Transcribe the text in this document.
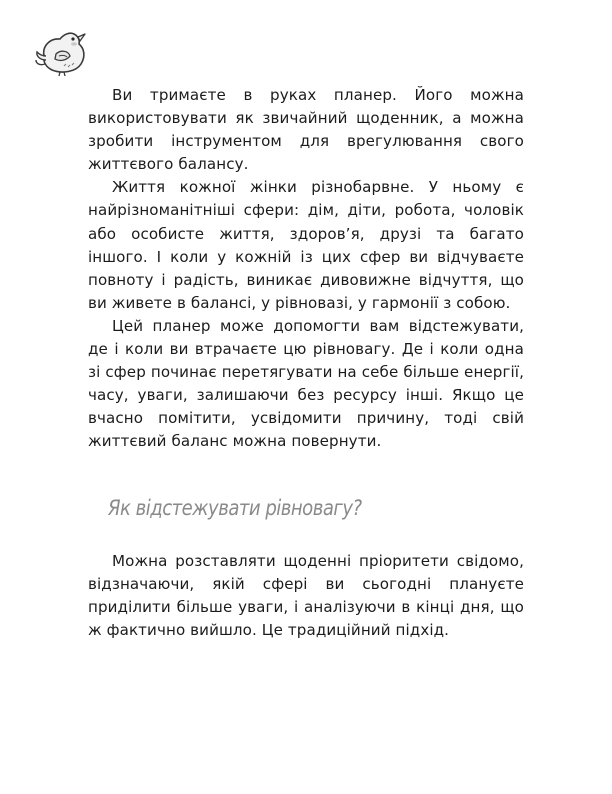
Ви тримаєте в руках планер. Його можна використовувати як звичайний щоденник, а можна зробити інструментом для врегулювання свого життєвого балансу.

Життя кожної жінки різнобарвне. У ньому є найрізноманітніші сфери: дім, діти, робота, чоловік або особисте життя, здоров’я, друзі та багато іншого. І коли у кожній із цих сфер ви відчуваєте повноту і радість, виникає дивовижне відчуття, що ви живете в балансі, у рівновазі, у гармонії з собою.

Цей планер може допомогти вам відстежувати, де і коли ви втрачаєте цю рівновагу. Де і коли одна зі сфер починає перетягувати на себе більше енергії, часу, уваги, залишаючи без ресурсу інші. Якщо це вчасно помітити, усвідомити причину, тоді свій життєвий баланс можна повернути.

Як відстежувати рівновагу?

Можна розставляти щоденні пріоритети свідомо, відзначаючи, якій сфері ви сьогодні плануєте приділити більше уваги, і аналізуючи в кінці дня, що ж фактично вийшло. Це традиційний підхід.
